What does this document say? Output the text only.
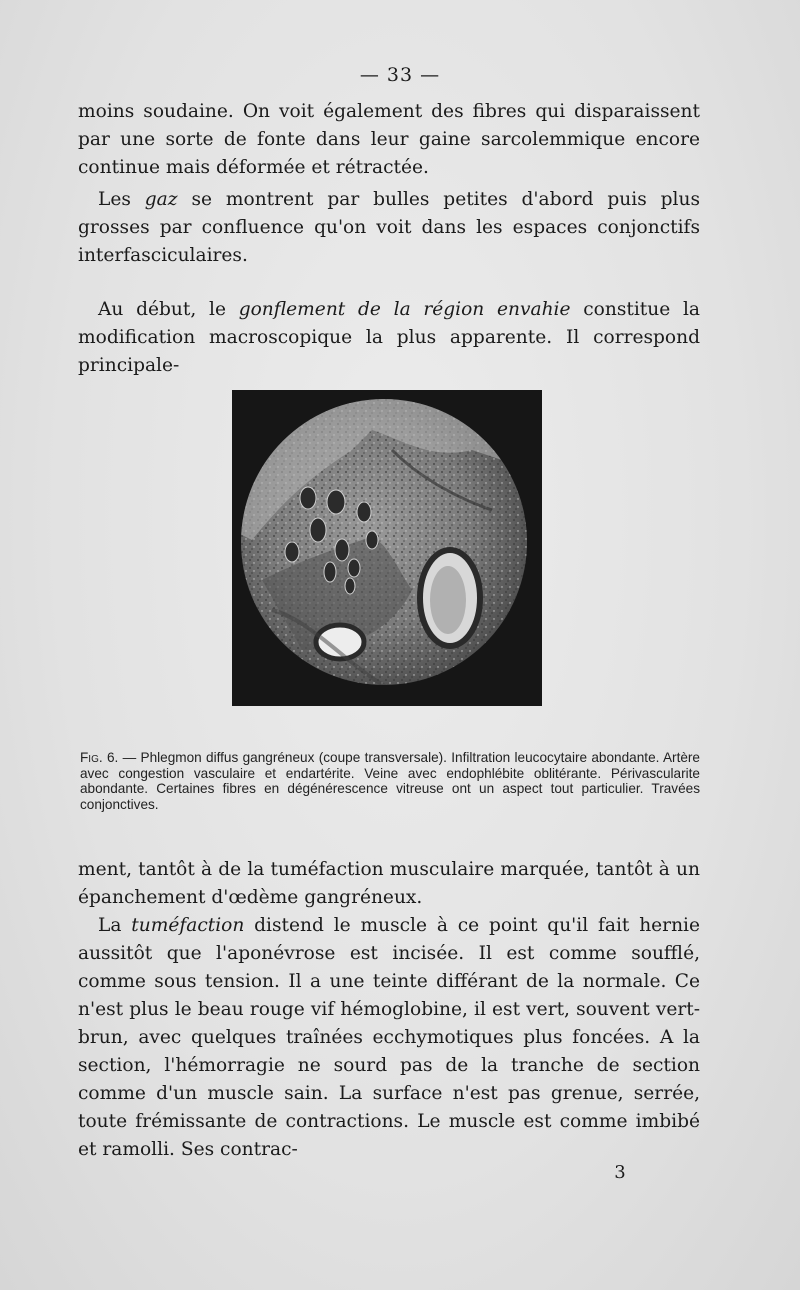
— 33 —

moins soudaine. On voit également des fibres qui disparaissent par une sorte de fonte dans leur gaine sarcolemmique encore continue mais déformée et rétractée.

Les gaz se montrent par bulles petites d'abord puis plus grosses par confluence qu'on voit dans les espaces conjonctifs interfasciculaires.

Au début, le gonflement de la région envahie constitue la modification macroscopique la plus apparente. Il correspond principale-

Fig. 6. — Phlegmon diffus gangréneux (coupe transversale). Infiltration leucocytaire abondante. Artère avec congestion vasculaire et endartérite. Veine avec endophlébite oblitérante. Périvascularite abondante. Certaines fibres en dégénérescence vitreuse ont un aspect tout particulier. Travées conjonctives.

ment, tantôt à de la tuméfaction musculaire marquée, tantôt à un épanchement d'œdème gangréneux.

La tuméfaction distend le muscle à ce point qu'il fait hernie aussitôt que l'aponévrose est incisée. Il est comme soufflé, comme sous tension. Il a une teinte différant de la normale. Ce n'est plus le beau rouge vif hémoglobine, il est vert, souvent vert-brun, avec quelques traînées ecchymotiques plus foncées. A la section, l'hémorragie ne sourd pas de la tranche de section comme d'un muscle sain. La surface n'est pas grenue, serrée, toute frémissante de contractions. Le muscle est comme imbibé et ramolli. Ses contrac-

3
